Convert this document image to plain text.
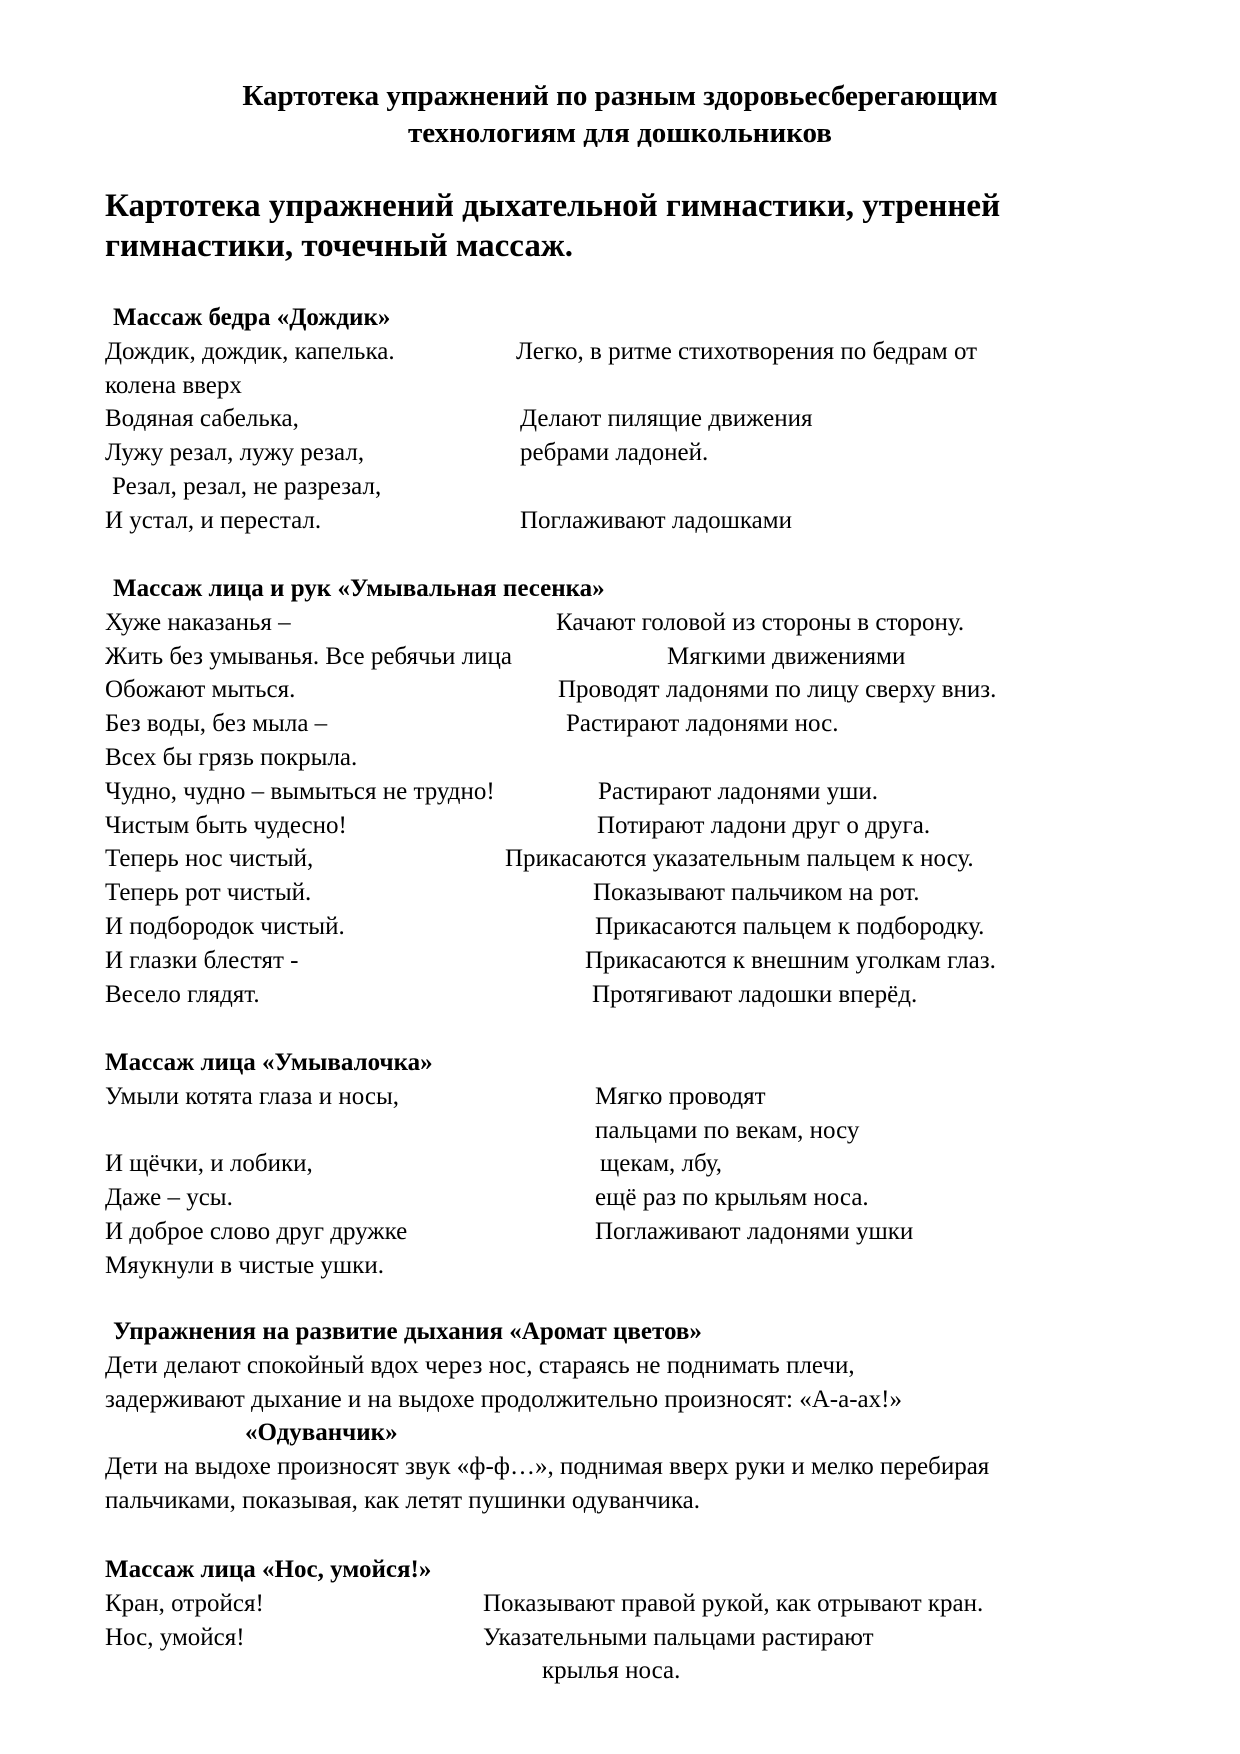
Картотека упражнений по разным здоровьесберегающим
технологиям для дошкольников
Картотека упражнений дыхательной гимнастики, утренней
гимнастики, точечный массаж.
Массаж бедра «Дождик»
Дождик, дождик, капелька.	Легко, в ритме стихотворения по бедрам от
колена вверх
Водяная сабелька,	Делают пилящие движения
Лужу резал, лужу резал,	ребрами ладоней.
Резал, резал, не разрезал,
И устал, и перестал.	Поглаживают ладошками
Массаж лица и рук «Умывальная песенка»
Хуже наказанья –	Качают головой из стороны в сторону.
Жить без умыванья. Все ребячьи лица	Мягкими движениями
Обожают мыться.	Проводят ладонями по лицу сверху вниз.
Без воды, без мыла –	Растирают ладонями нос.
Всех бы грязь покрыла.
Чудно, чудно – вымыться не трудно!	Растирают ладонями уши.
Чистым быть чудесно!	Потирают ладони друг о друга.
Теперь нос чистый,	Прикасаются указательным пальцем к носу.
Теперь рот чистый.	Показывают пальчиком на рот.
И подбородок чистый.	Прикасаются пальцем к подбородку.
И глазки блестят -	Прикасаются к внешним уголкам глаз.
Весело глядят.	Протягивают ладошки вперёд.
Массаж лица «Умывалочка»
Умыли котята глаза и носы,	Мягко проводят
пальцами по векам, носу
И щёчки, и лобики,	щекам, лбу,
Даже – усы.	ещё раз по крыльям носа.
И доброе слово друг дружке	Поглаживают ладонями ушки
Мяукнули в чистые ушки.
Упражнения на развитие дыхания «Аромат цветов»
Дети делают спокойный вдох через нос, стараясь не поднимать плечи,
задерживают дыхание и на выдохе продолжительно произносят: «А-а-ах!»
«Одуванчик»
Дети на выдохе произносят звук «ф-ф…», поднимая вверх руки и мелко перебирая
пальчиками, показывая, как летят пушинки одуванчика.
Массаж лица «Нос, умойся!»
Кран, отройся!	Показывают правой рукой, как отрывают кран.
Нос, умойся!	Указательными пальцами растирают
крылья носа.
